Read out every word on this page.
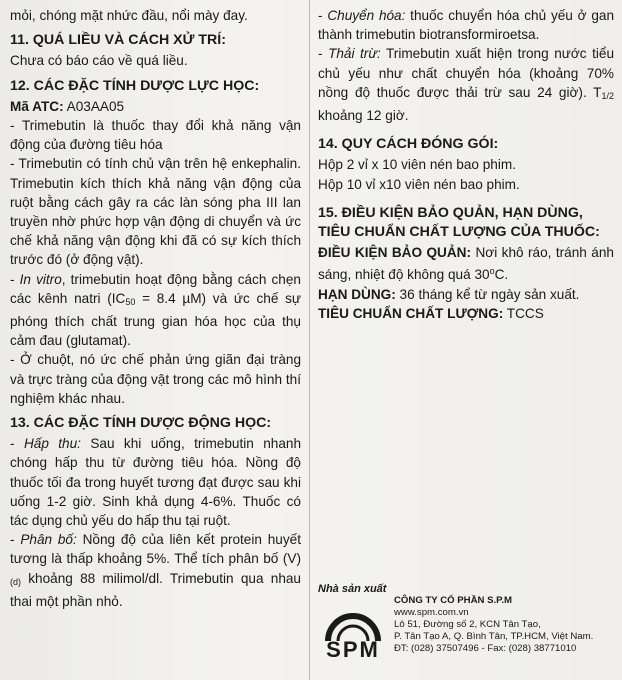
mỏi, chóng mặt nhức đầu, nổi mày đay.

11. QUÁ LIỀU VÀ CÁCH XỬ TRÍ:

Chưa có báo cáo về quá liều.

12. CÁC ĐẶC TÍNH DƯỢC LỰC HỌC:

Mã ATC: A03AA05

- Trimebutin là thuốc thay đổi khả năng vận động của đường tiêu hóa

- Trimebutin có tính chủ vận trên hệ enkephalin. Trimebutin kích thích khả năng vận động của ruột bằng cách gây ra các làn sóng pha III lan truyền nhờ phức hợp vận động di chuyển và ức chế khả năng vận động khi đã có sự kích thích trước đó (ở động vật).

- In vitro, trimebutin hoạt động bằng cách chẹn các kênh natri ($IC_{50} = 8.4$ µM) và ức chế sự phóng thích chất trung gian hóa học của thụ cảm đau (glutamat).

- Ở chuột, nó ức chế phản ứng giãn đại tràng và trực tràng của động vật trong các mô hình thí nghiệm khác nhau.

13. CÁC ĐẶC TÍNH DƯỢC ĐỘNG HỌC:

- Hấp thu: Sau khi uống, trimebutin nhanh chóng hấp thu từ đường tiêu hóa. Nồng độ thuốc tối đa trong huyết tương đạt được sau khi uống 1-2 giờ. Sinh khả dụng 4-6%. Thuốc có tác dụng chủ yếu do hấp thu tại ruột.

- Phân bố: Nồng độ của liên kết protein huyết tương là thấp khoảng 5%. Thể tích phân bố $(V)_{(d)}$ khoảng 88 milimol/dl. Trimebutin qua nhau thai một phần nhỏ.

- Chuyển hóa: thuốc chuyển hóa chủ yếu ở gan thành trimebutin biotransformiroetsa.

- Thải trừ: Trimebutin xuất hiện trong nước tiểu chủ yếu như chất chuyển hóa (khoảng 70% nồng độ thuốc được thải trừ sau 24 giờ). $T_{1/2}$ khoảng 12 giờ.

14. QUY CÁCH ĐÓNG GÓI:

Hộp 2 vỉ x 10 viên nén bao phim.

Hộp 10 vỉ x10 viên nén bao phim.

15. ĐIỀU KIỆN BẢO QUẢN, HẠN DÙNG, TIÊU CHUẨN CHẤT LƯỢNG CỦA THUỐC:

ĐIỀU KIỆN BẢO QUẢN: Nơi khô ráo, tránh ánh sáng, nhiệt độ không quá 30$^o$C.

HẠN DÙNG: 36 tháng kể từ ngày sản xuất.

TIÊU CHUẨN CHẤT LƯỢNG: TCCS

Nhà sản xuất
SPM
CÔNG TY CỔ PHẦN S.P.M
www.spm.com.vn
Lô 51, Đường số 2, KCN Tân Tạo,
P. Tân Tạo A, Q. Bình Tân, TP.HCM, Việt Nam.
ĐT: (028) 37507496 - Fax: (028) 38771010
